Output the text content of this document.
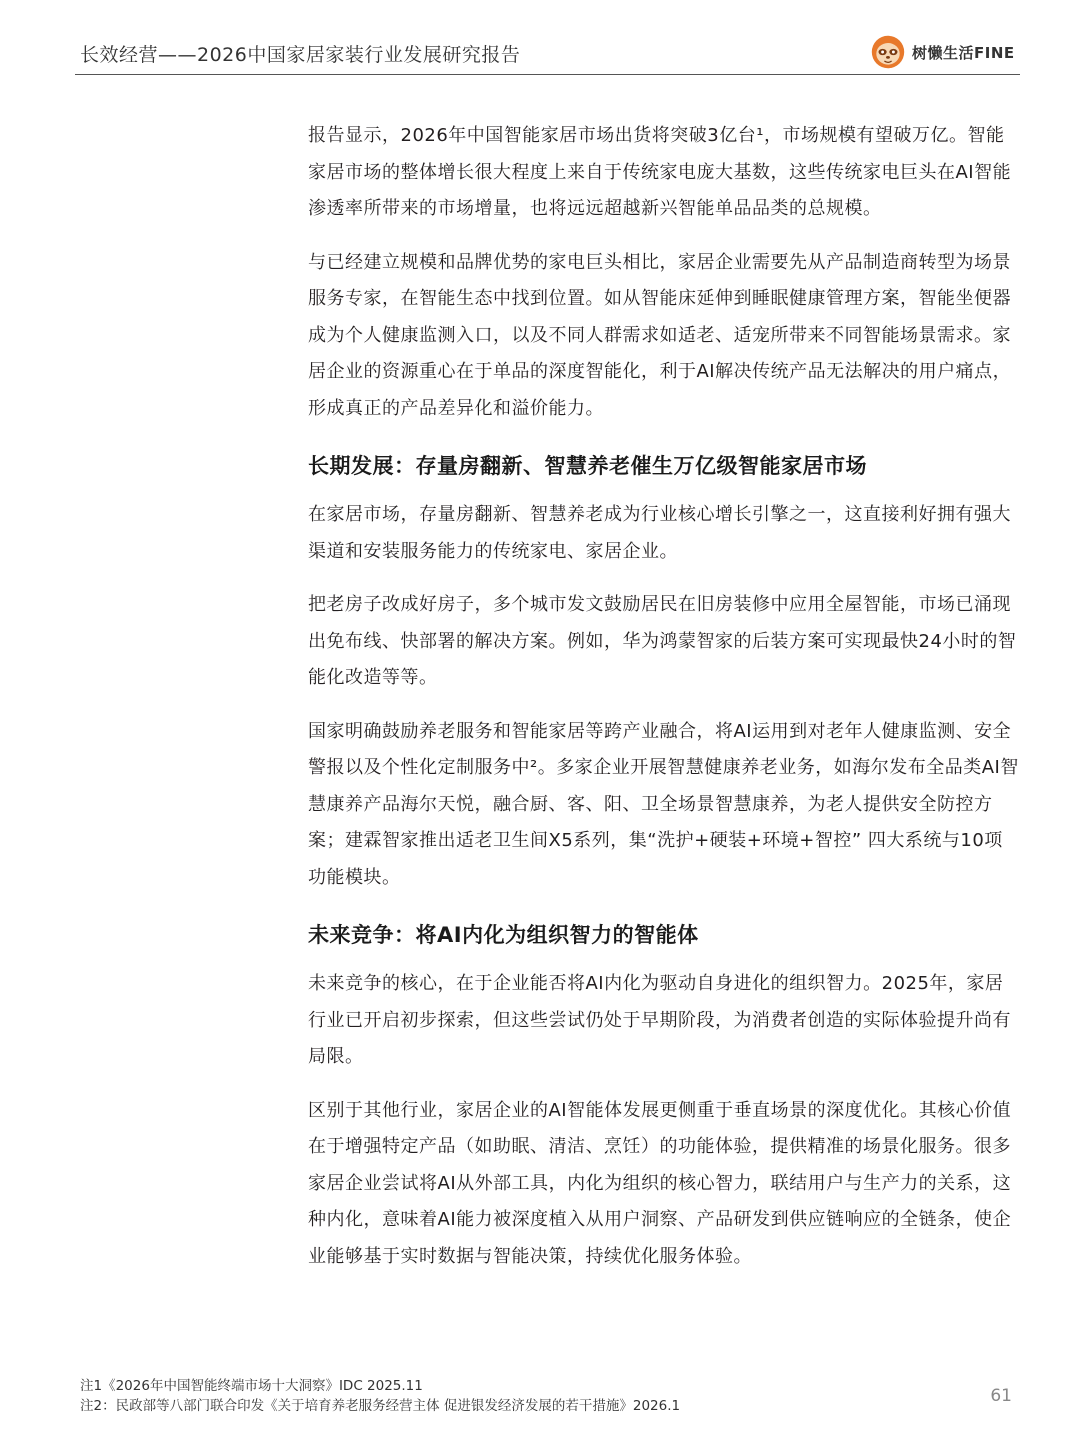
长效经营——2026中国家居家装行业发展研究报告	树懒生活FINE

报告显示，2026年中国智能家居市场出货将突破3亿台¹，市场规模有望破万亿。智能家居市场的整体增长很大程度上来自于传统家电庞大基数，这些传统家电巨头在AI智能渗透率所带来的市场增量，也将远远超越新兴智能单品品类的总规模。

与已经建立规模和品牌优势的家电巨头相比，家居企业需要先从产品制造商转型为场景服务专家，在智能生态中找到位置。如从智能床延伸到睡眠健康管理方案，智能坐便器成为个人健康监测入口，以及不同人群需求如适老、适宠所带来不同智能场景需求。家居企业的资源重心在于单品的深度智能化，利于AI解决传统产品无法解决的用户痛点，形成真正的产品差异化和溢价能力。

长期发展：存量房翻新、智慧养老催生万亿级智能家居市场

在家居市场，存量房翻新、智慧养老成为行业核心增长引擎之一，这直接利好拥有强大渠道和安装服务能力的传统家电、家居企业。

把老房子改成好房子，多个城市发文鼓励居民在旧房装修中应用全屋智能，市场已涌现出免布线、快部署的解决方案。例如，华为鸿蒙智家的后装方案可实现最快24小时的智能化改造等等。

国家明确鼓励养老服务和智能家居等跨产业融合，将AI运用到对老年人健康监测、安全警报以及个性化定制服务中²。多家企业开展智慧健康养老业务，如海尔发布全品类AI智慧康养产品海尔天悦，融合厨、客、阳、卫全场景智慧康养，为老人提供安全防控方案；建霖智家推出适老卫生间X5系列，集“洗护+硬装+环境+智控” 四大系统与10项功能模块。

未来竞争：将AI内化为组织智力的智能体

未来竞争的核心，在于企业能否将AI内化为驱动自身进化的组织智力。2025年，家居行业已开启初步探索，但这些尝试仍处于早期阶段，为消费者创造的实际体验提升尚有局限。

区别于其他行业，家居企业的AI智能体发展更侧重于垂直场景的深度优化。其核心价值在于增强特定产品（如助眠、清洁、烹饪）的功能体验，提供精准的场景化服务。很多家居企业尝试将AI从外部工具，内化为组织的核心智力，联结用户与生产力的关系，这种内化，意味着AI能力被深度植入从用户洞察、产品研发到供应链响应的全链条，使企业能够基于实时数据与智能决策，持续优化服务体验。

注1《2026年中国智能终端市场十大洞察》IDC 2025.11

注2：民政部等八部门联合印发《关于培育养老服务经营主体 促进银发经济发展的若干措施》2026.1	61
